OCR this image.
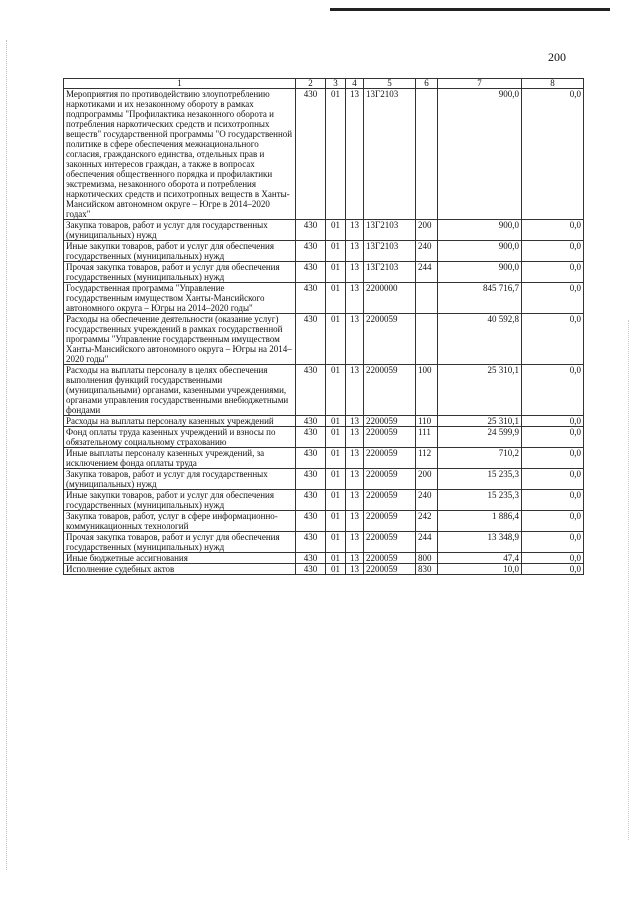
200
1	2	3	4	5	6	7	8
Мероприятия по противодействию злоупотреблению наркотиками и их незаконному обороту в рамках подпрограммы "Профилактика незаконного оборота и потребления наркотических средств и психотропных веществ" государственной программы "О государственной политике в сфере обеспечения межнационального согласия, гражданского единства, отдельных прав и законных интересов граждан, а также в вопросах обеспечения общественного порядка и профилактики экстремизма, незаконного оборота и потребления наркотических средств и психотропных веществ в Ханты-Мансийском автономном округе – Югре в 2014–2020 годах"	430	01	13	13Г2103		900,0	0,0
Закупка товаров, работ и услуг для государственных (муниципальных) нужд	430	01	13	13Г2103	200	900,0	0,0
Иные закупки товаров, работ и услуг для обеспечения государственных (муниципальных) нужд	430	01	13	13Г2103	240	900,0	0,0
Прочая закупка товаров, работ и услуг для обеспечения государственных (муниципальных) нужд	430	01	13	13Г2103	244	900,0	0,0
Государственная программа "Управление государственным имуществом Ханты-Мансийского автономного округа – Югры на 2014–2020 годы"	430	01	13	2200000		845 716,7	0,0
Расходы на обеспечение деятельности (оказание услуг) государственных учреждений в рамках государственной программы "Управление государственным имуществом Ханты-Мансийского автономного округа – Югры на 2014–2020 годы"	430	01	13	2200059		40 592,8	0,0
Расходы на выплаты персоналу в целях обеспечения выполнения функций государственными (муниципальными) органами, казенными учреждениями, органами управления государственными внебюджетными фондами	430	01	13	2200059	100	25 310,1	0,0
Расходы на выплаты персоналу казенных учреждений	430	01	13	2200059	110	25 310,1	0,0
Фонд оплаты труда казенных учреждений и взносы по обязательному социальному страхованию	430	01	13	2200059	111	24 599,9	0,0
Иные выплаты персоналу казенных учреждений, за исключением фонда оплаты труда	430	01	13	2200059	112	710,2	0,0
Закупка товаров, работ и услуг для государственных (муниципальных) нужд	430	01	13	2200059	200	15 235,3	0,0
Иные закупки товаров, работ и услуг для обеспечения государственных (муниципальных) нужд	430	01	13	2200059	240	15 235,3	0,0
Закупка товаров, работ, услуг в сфере информационно-коммуникационных технологий	430	01	13	2200059	242	1 886,4	0,0
Прочая закупка товаров, работ и услуг для обеспечения государственных (муниципальных) нужд	430	01	13	2200059	244	13 348,9	0,0
Иные бюджетные ассигнования	430	01	13	2200059	800	47,4	0,0
Исполнение судебных актов	430	01	13	2200059	830	10,0	0,0
